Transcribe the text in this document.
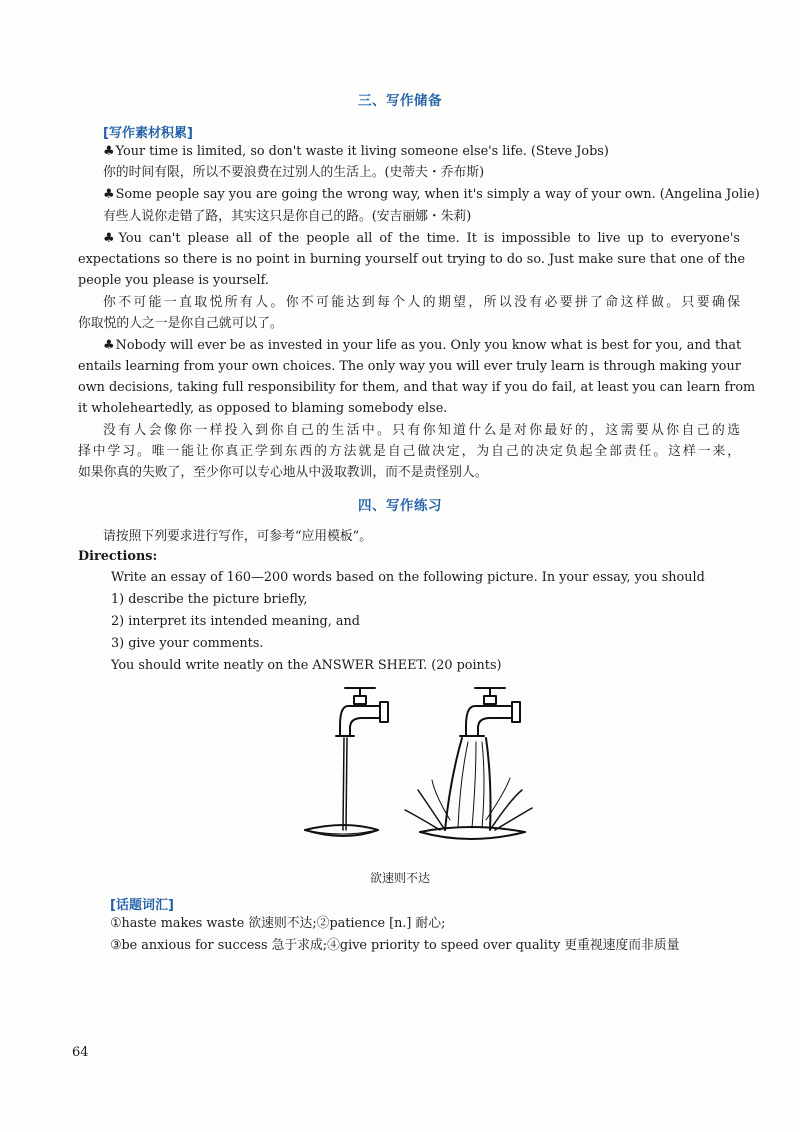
三、写作储备
[写作素材积累]
♣Your time is limited, so don't waste it living someone else's life. (Steve Jobs)
你的时间有限，所以不要浪费在过别人的生活上。(史蒂夫・乔布斯)
♣Some people say you are going the wrong way, when it's simply a way of your own. (Angelina Jolie)
有些人说你走错了路，其实这只是你自己的路。(安吉丽娜・朱莉)
♣You can't please all of the people all of the time. It is impossible to live up to everyone's
expectations so there is no point in burning yourself out trying to do so. Just make sure that one of the
people you please is yourself.
你不可能一直取悦所有人。你不可能达到每个人的期望，所以没有必要拼了命这样做。只要确保
你取悦的人之一是你自己就可以了。
♣Nobody will ever be as invested in your life as you. Only you know what is best for you, and that
entails learning from your own choices. The only way you will ever truly learn is through making your
own decisions, taking full responsibility for them, and that way if you do fail, at least you can learn from
it wholeheartedly, as opposed to blaming somebody else.
没有人会像你一样投入到你自己的生活中。只有你知道什么是对你最好的，这需要从你自己的选
择中学习。唯一能让你真正学到东西的方法就是自己做决定，为自己的决定负起全部责任。这样一来，
如果你真的失败了，至少你可以专心地从中汲取教训，而不是责怪别人。
四、写作练习
请按照下列要求进行写作，可参考“应用模板”。
Directions:
Write an essay of 160—200 words based on the following picture. In your essay, you should
1) describe the picture briefly,
2) interpret its intended meaning, and
3) give your comments.
You should write neatly on the ANSWER SHEET. (20 points)
欲速则不达
[话题词汇]
①haste makes waste 欲速则不达;②patience [n.] 耐心;
③be anxious for success 急于求成;④give priority to speed over quality 更重视速度而非质量
64
